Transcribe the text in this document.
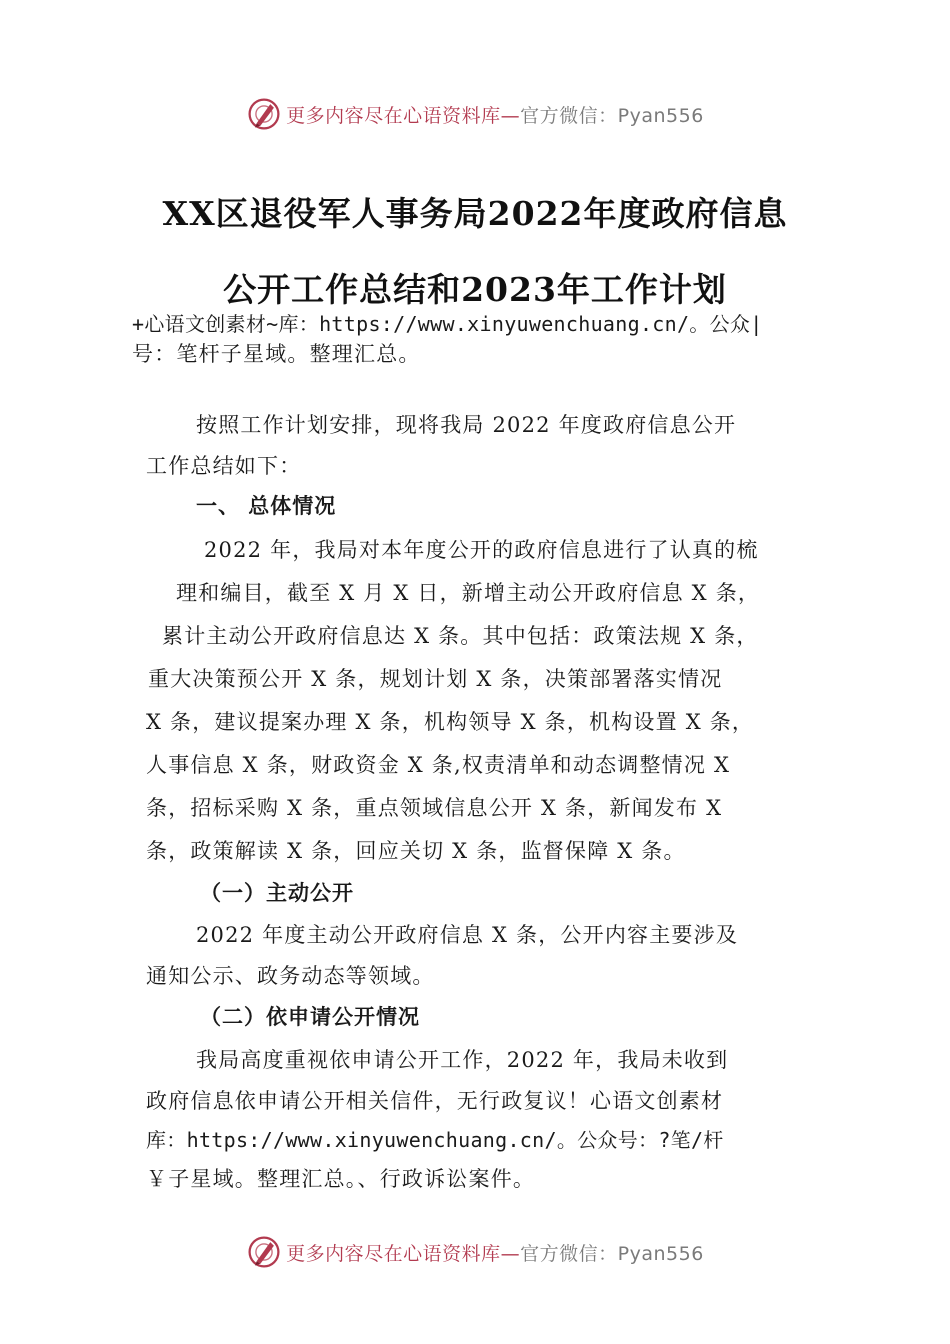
更多内容尽在心语资料库—官方微信：Pyan556
XX区退役军人事务局2022年度政府信息
公开工作总结和2023年工作计划
+心语文创素材~库：https://www.xinyuwenchuang.cn/。公众|
号：笔杆子星域。整理汇总。
按照工作计划安排，现将我局 2022 年度政府信息公开
工作总结如下：
一、 总体情况
2022 年，我局对本年度公开的政府信息进行了认真的梳
理和编目，截至 X 月 X 日，新增主动公开政府信息 X 条，
累计主动公开政府信息达 X 条。其中包括：政策法规 X 条，
重大决策预公开 X 条，规划计划 X 条，决策部署落实情况
X 条，建议提案办理 X 条，机构领导 X 条，机构设置 X 条，
人事信息 X 条，财政资金 X 条,权责清单和动态调整情况 X
条，招标采购 X 条，重点领域信息公开 X 条，新闻发布 X
条，政策解读 X 条，回应关切 X 条，监督保障 X 条。
（一）主动公开
2022 年度主动公开政府信息 X 条，公开内容主要涉及
通知公示、政务动态等领域。
（二）依申请公开情况
我局高度重视依申请公开工作，2022 年，我局未收到
政府信息依申请公开相关信件，无行政复议！心语文创素材
库：https://www.xinyuwenchuang.cn/。公众号：?笔/杆
￥子星域。整理汇总。、行政诉讼案件。
更多内容尽在心语资料库—官方微信：Pyan556
